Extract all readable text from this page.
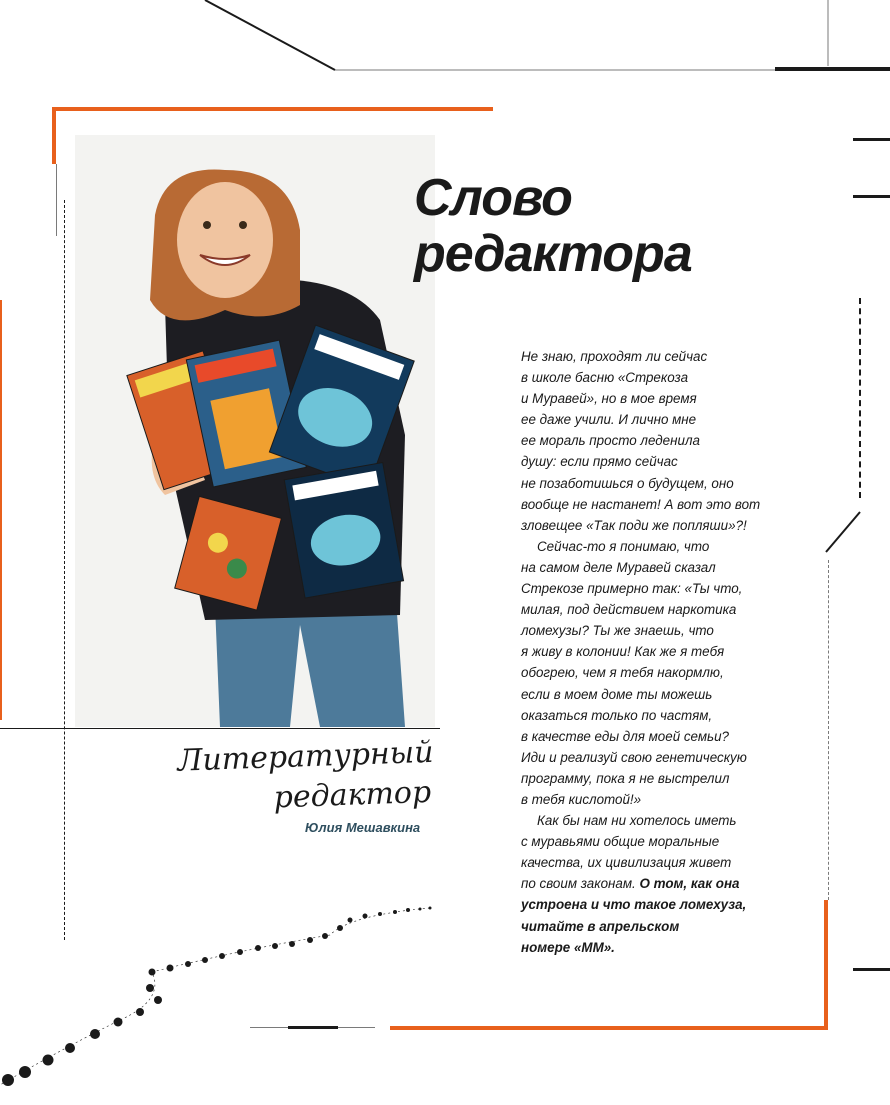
Слово
редактора
Не знаю, проходят ли сейчас
в школе басню «Стрекоза
и Муравей», но в мое время
ее даже учили. И лично мне
ее мораль просто леденила
душу: если прямо сейчас
не позаботишься о будущем, оно
вообще не настанет! А вот это вот
зловещее «Так поди же попляши»?!
Сейчас-то я понимаю, что
на самом деле Муравей сказал
Стрекозе примерно так: «Ты что,
милая, под действием наркотика
ломехузы? Ты же знаешь, что
я живу в колонии! Как же я тебя
обогрею, чем я тебя накормлю,
если в моем доме ты можешь
оказаться только по частям,
в качестве еды для моей семьи?
Иди и реализуй свою генетическую
программу, пока я не выстрелил
в тебя кислотой!»
Как бы нам ни хотелось иметь
с муравьями общие моральные
качества, их цивилизация живет
по своим законам. О том, как она
устроена и что такое ломехуза,
читайте в апрельском
номере «ММ».
Литературный
редактор
Юлия Мешавкина
